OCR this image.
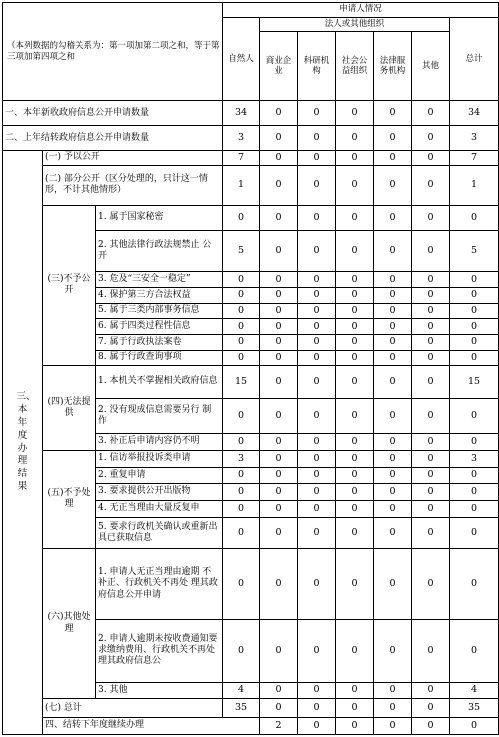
（本列数据的勾稽关系为：第一项加第二项之和，等于第三项加第四项之和			申请人情况							
			自然人	法人或其他组织					总计	
				商业企业	科研机构	社会公益组织	法律服务机构	其他		
一、本年新收政府信息公开申请数量			34	0	0	0	0	0	34	
二、上年结转政府信息公开申请数量			3	0	0	0	0	0	3	

三、本年度办理结果	(一) 予以公开		7	0	0	0	0	0	7	
	(二) 部分公开（区分处理的，只计这一情形，不计其他情形）		1	0	0	0	0	0	1	
	(三)不予公开	1. 属于国家秘密	0	0	0	0	0	0	0	
		2. 其他法律行政法规禁止 公开	5	0	0	0	0	0	5	
		3. 危及“三安全一稳定”	0	0	0	0	0	0	0	
		4. 保护第三方合法权益	0	0	0	0	0	0	0	
		5. 属于三类内部事务信息	0	0	0	0	0	0	0	
		6. 属于四类过程性信息	0	0	0	0	0	0	0	
		7. 属于行政执法案卷	0	0	0	0	0	0	0	
		8. 属于行政查询事项	0	0	0	0	0	0	0	
	(四)无法提供	1. 本机关不掌握相关政府信息	15	0	0	0	0	0	15	
		2. 没有现成信息需要另行 制作	0	0	0	0	0	0	0	
		3. 补正后申请内容仍不明	0	0	0	0	0	0	0	
	(五)不予处理	1. 信访举报投诉类申请	3	0	0	0	0	0	3	
		2. 重复申请	0	0	0	0	0	0	0	
		3. 要求提供公开出版物	0	0	0	0	0	0	0	
		4. 无正当理由大量反复申	0	0	0	0	0	0	0	
		5. 要求行政机关确认或重新出具已获取信息	0	0	0	0	0	0	0	
	(六)其他处理	1. 申请人无正当理由逾期 不补正、行政机关不再处 理其政府信息公开申请	0	0	0	0	0	0	0	
		2. 申请人逾期未按收费通知要求缴纳费用、行政机关不再处理其政府信息公	0	0	0	0	0	0	0	
		3. 其他	4	0	0	0	0	0	4	
	(七) 总计		35	0	0	0	0	0	35	
	四、结转下年度继续办理			2	0	0	0	0	0	
